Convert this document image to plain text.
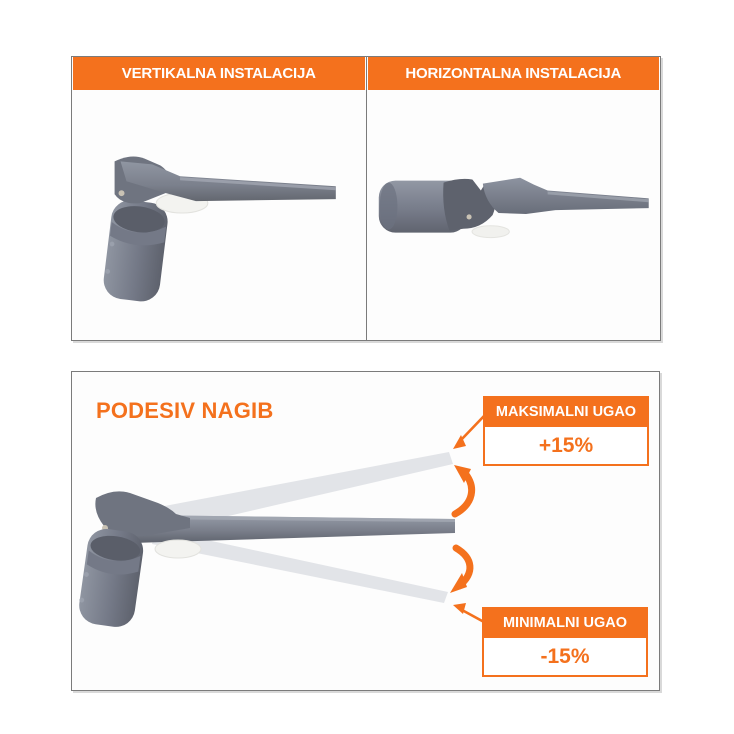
VERTIKALNA INSTALACIJA	HORIZONTALNA INSTALACIJA
PODESIV NAGIB	MAKSIMALNI UGAO
+15%
MINIMALNI UGAO
-15%
